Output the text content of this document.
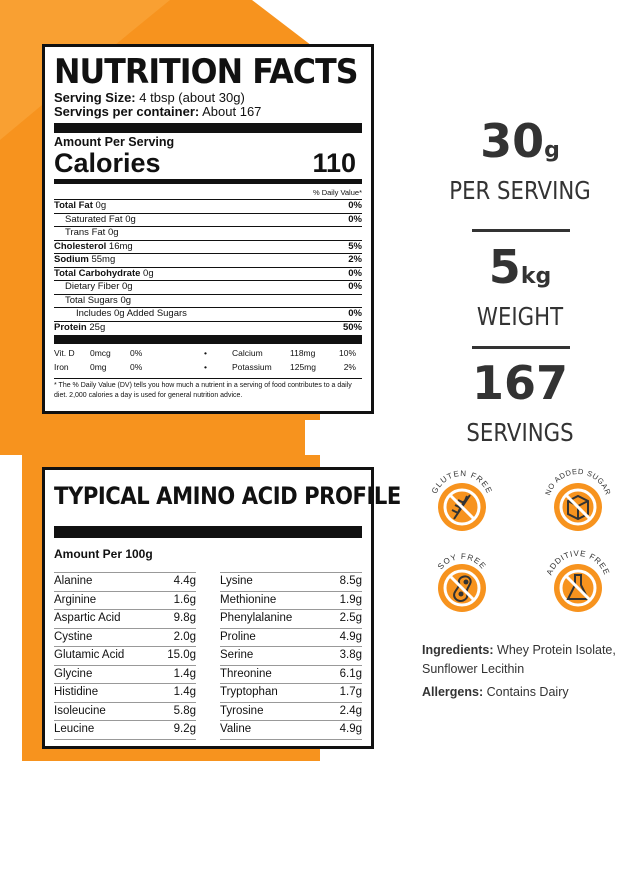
NUTRITION FACTS
Serving Size: 4 tbsp (about 30g)
Servings per container: About 167
Amount Per Serving
Calories	110
% Daily Value*
Total Fat 0g	0%
Saturated Fat 0g	0%
Trans Fat 0g
Cholesterol 16mg	5%
Sodium 55mg	2%
Total Carbohydrate 0g	0%
Dietary Fiber 0g	0%
Total Sugars 0g
Includes 0g Added Sugars	0%
Protein 25g	50%
Vit. D	0mcg	0%	•	Calcium	118mg	10%
Iron	0mg	0%	•	Potassium	125mg	2%
* The % Daily Value (DV) tells you how much a nutrient in a serving of food contributes to a daily diet. 2,000 calories a day is used for general nutrition advice.
TYPICAL AMINO ACID PROFILE
Amount Per 100g
Alanine	4.4g
Arginine	1.6g
Aspartic Acid	9.8g
Cystine	2.0g
Glutamic Acid	15.0g
Glycine	1.4g
Histidine	1.4g
Isoleucine	5.8g
Leucine	9.2g
Lysine	8.5g
Methionine	1.9g
Phenylalanine	2.5g
Proline	4.9g
Serine	3.8g
Threonine	6.1g
Tryptophan	1.7g
Tyrosine	2.4g
Valine	4.9g
30g
PER SERVING
5kg
WEIGHT
167
SERVINGS
GLUTEN FREE	NO ADDED SUGAR
SOY FREE
ADDITIVE FREE
Ingredients: Whey Protein Isolate, Sunflower Lecithin
Allergens: Contains Dairy
